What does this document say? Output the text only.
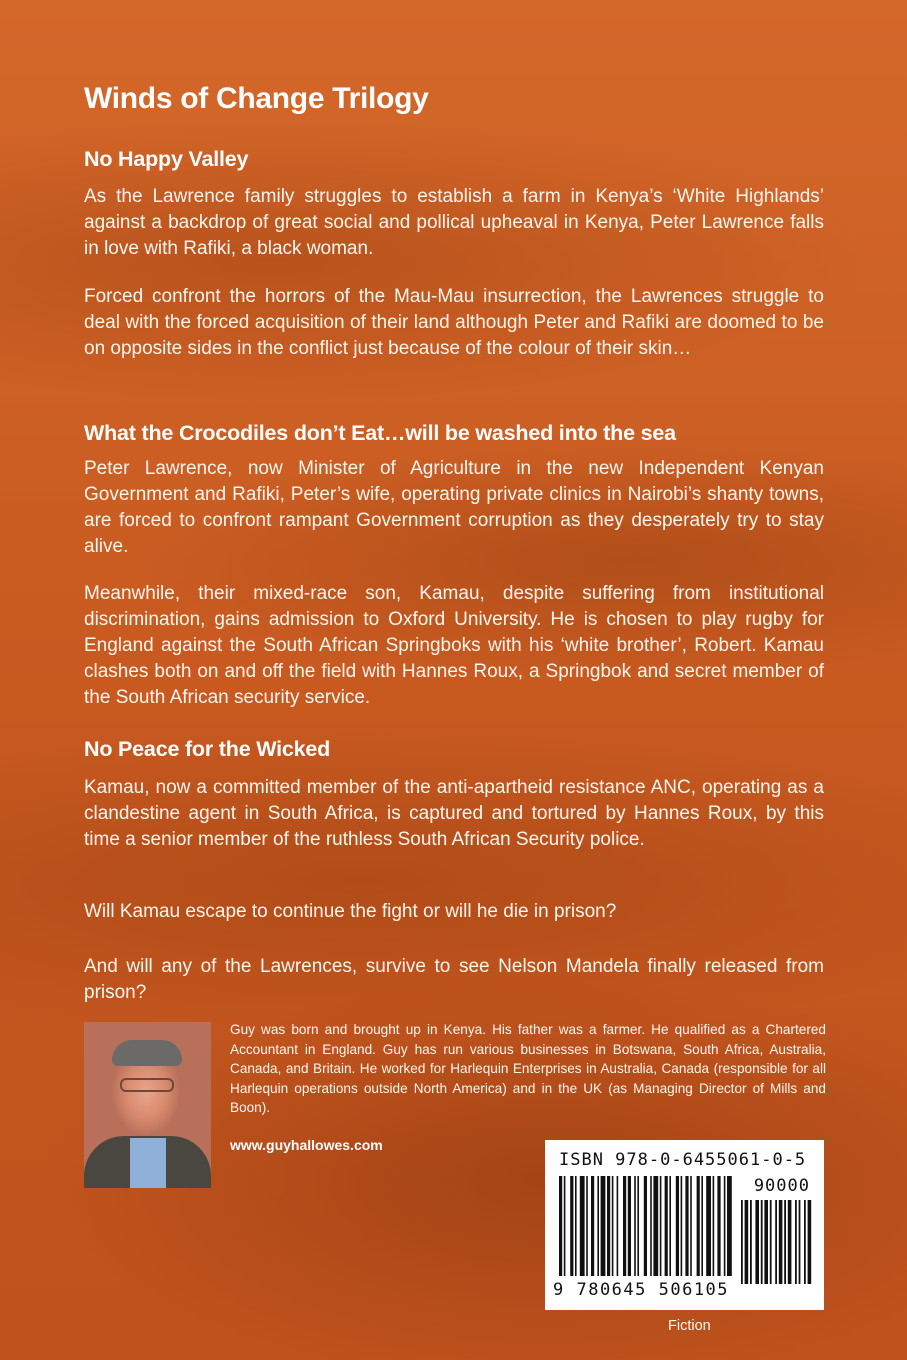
Winds of Change Trilogy
No Happy Valley

As the Lawrence family struggles to establish a farm in Kenya’s ‘White Highlands’ against a backdrop of great social and pollical upheaval in Kenya, Peter Lawrence falls in love with Rafiki, a black woman.

Forced confront the horrors of the Mau-Mau insurrection, the Lawrences struggle to deal with the forced acquisition of their land although Peter and Rafiki are doomed to be on opposite sides in the conflict just because of the colour of their skin…

What the Crocodiles don’t Eat…will be washed into the sea

Peter Lawrence, now Minister of Agriculture in the new Independent Kenyan Government and Rafiki, Peter’s wife, operating private clinics in Nairobi’s shanty towns, are forced to confront rampant Government corruption as they desperately try to stay alive.

Meanwhile, their mixed-race son, Kamau, despite suffering from institutional discrimination, gains admission to Oxford University. He is chosen to play rugby for England against the South African Springboks with his ‘white brother’, Robert. Kamau clashes both on and off the field with Hannes Roux, a Springbok and secret member of the South African security service.

No Peace for the Wicked

Kamau, now a committed member of the anti-apartheid resistance ANC, operating as a clandestine agent in South Africa, is captured and tortured by Hannes Roux, by this time a senior member of the ruthless South African Security police.

Will Kamau escape to continue the fight or will he die in prison?

And will any of the Lawrences, survive to see Nelson Mandela finally released from prison?

Guy was born and brought up in Kenya. His father was a farmer. He qualified as a Chartered Accountant in England. Guy has run various businesses in Botswana, South Africa, Australia, Canada, and Britain. He worked for Harlequin Enterprises in Australia, Canada (responsible for all Harlequin operations outside North America) and in the UK (as Managing Director of Mills and Boon).

www.guyhallowes.com
ISBN 978-0-6455061-0-5
90000
9 780645 506105
Fiction
